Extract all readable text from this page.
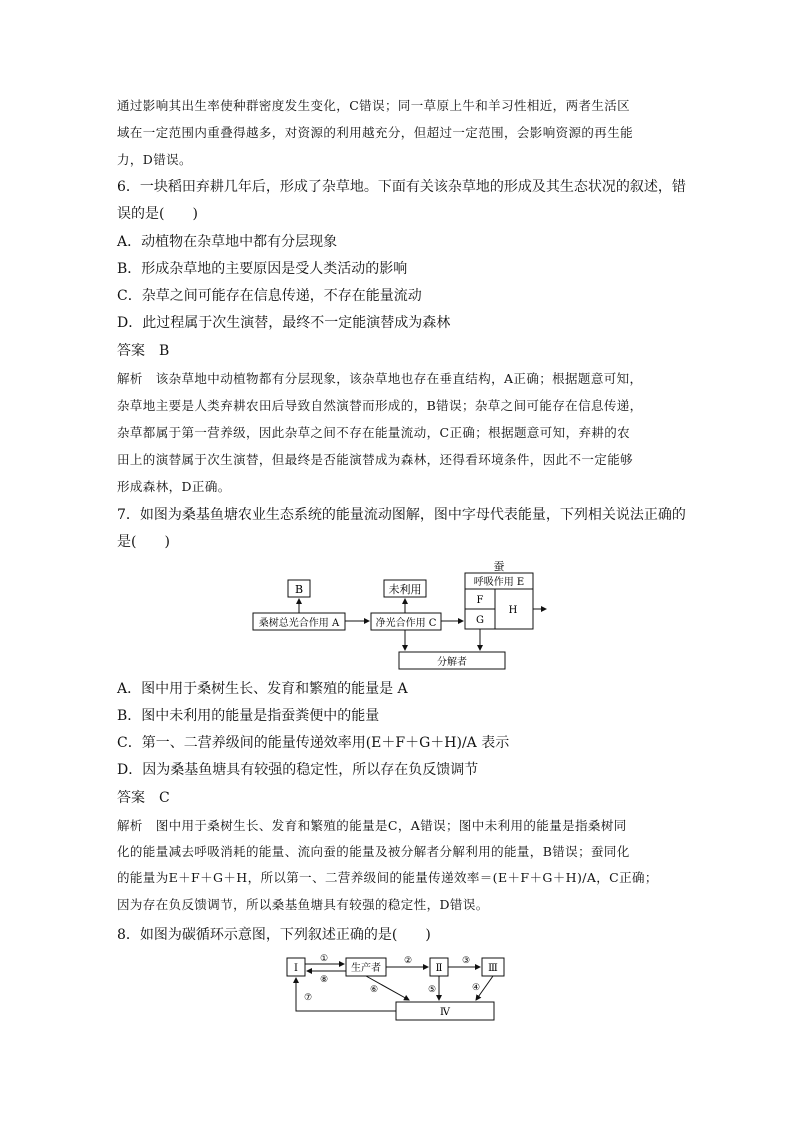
通过影响其出生率使种群密度发生变化，C错误；同一草原上牛和羊习性相近，两者生活区
域在一定范围内重叠得越多，对资源的利用越充分，但超过一定范围，会影响资源的再生能
力，D错误。
6．一块稻田弃耕几年后，形成了杂草地。下面有关该杂草地的形成及其生态状况的叙述，错
误的是(　　)
A．动植物在杂草地中都有分层现象
B．形成杂草地的主要原因是受人类活动的影响
C．杂草之间可能存在信息传递，不存在能量流动
D．此过程属于次生演替，最终不一定能演替成为森林
答案　B
解析　该杂草地中动植物都有分层现象，该杂草地也存在垂直结构，A正确；根据题意可知，
杂草地主要是人类弃耕农田后导致自然演替而形成的，B错误；杂草之间可能存在信息传递，
杂草都属于第一营养级，因此杂草之间不存在能量流动，C正确；根据题意可知，弃耕的农
田上的演替属于次生演替，但最终是否能演替成为森林，还得看环境条件，因此不一定能够
形成森林，D正确。
7．如图为桑基鱼塘农业生态系统的能量流动图解，图中字母代表能量，下列相关说法正确的
是(　　)
B	未利用
蚕
呼吸作用 E
F
G
H
桑树总光合作用 A	净光合作用 C
分解者
A．图中用于桑树生长、发育和繁殖的能量是 A
B．图中未利用的能量是指蚕粪便中的能量
C．第一、二营养级间的能量传递效率用(E＋F＋G＋H)/A 表示
D．因为桑基鱼塘具有较强的稳定性，所以存在负反馈调节
答案　C
解析　图中用于桑树生长、发育和繁殖的能量是C，A错误；图中未利用的能量是指桑树同
化的能量减去呼吸消耗的能量、流向蚕的能量及被分解者分解利用的能量，B错误；蚕同化
的能量为E＋F＋G＋H，所以第一、二营养级间的能量传递效率＝(E＋F＋G＋H)/A，C正确；
因为存在负反馈调节，所以桑基鱼塘具有较强的稳定性，D错误。
8．如图为碳循环示意图，下列叙述正确的是(　　)
Ⅰ	生产者	Ⅱ	Ⅲ
Ⅳ
①
⑧
②	③
④
⑤
⑥
⑦
